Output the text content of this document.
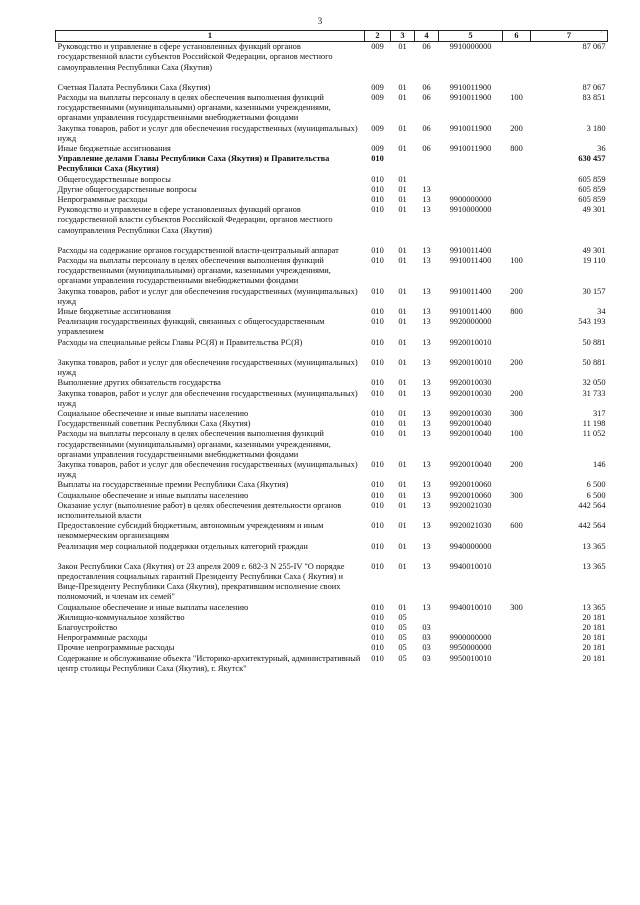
3
·
1	2	3	4	5	6	7
Руководство и управление в сфере установленных функций органов государственной власти субъектов Российской Федерации, органов местного самоуправления Республики Саха (Якутия)	009	01	06	9910000000		87 067
Счетная Палата Республики Саха (Якутия)	009	01	06	9910011900		87 067
Расходы на выплаты персоналу в целях обеспечения выполнения функций государственными (муниципальными) органами, казенными учреждениями, органами управления государственными внебюджетными фондами	009	01	06	9910011900	100	83 851
Закупка товаров, работ и услуг для обеспечения государственных (муниципальных) нужд	009	01	06	9910011900	200	3 180
Иные бюджетные ассигнования	009	01	06	9910011900	800	36
Управление делами Главы Республики Саха (Якутия) и Правительства Республики Саха (Якутия)	010					630 457
Общегосударственные вопросы	010	01				605 859
Другие общегосударственные вопросы	010	01	13			605 859
Непрограммные расходы	010	01	13	9900000000		605 859
Руководство и управление в сфере установленных функций органов государственной власти субъектов Российской Федерации, органов местного самоуправления Республики Саха (Якутия)	010	01	13	9910000000		49 301
Расходы на содержание органов государственной власти-центральный аппарат	010	01	13	9910011400		49 301
Расходы на выплаты персоналу в целях обеспечения выполнения функций государственными (муниципальными) органами, казенными учреждениями, органами управления государственными внебюджетными фондами	010	01	13	9910011400	100	19 110
Закупка товаров, работ и услуг для обеспечения государственных (муниципальных) нужд	010	01	13	9910011400	200	30 157
Иные бюджетные ассигнования	010	01	13	9910011400	800	34
Реализация государственных функций, связанных с общегосударственным управлением	010	01	13	9920000000		543 193
Расходы на специальные рейсы Главы РС(Я) и Правительства РС(Я)	010	01	13	9920010010		50 881
Закупка товаров, работ и услуг для обеспечения государственных (муниципальных) нужд	010	01	13	9920010010	200	50 881
Выполнение других обязательств государства	010	01	13	9920010030		32 050
Закупка товаров, работ и услуг для обеспечения государственных (муниципальных) нужд	010	01	13	9920010030	200	31 733
Социальное обеспечение и иные выплаты населению	010	01	13	9920010030	300	317
Государственный советник Республики Саха (Якутия)	010	01	13	9920010040		11 198
Расходы на выплаты персоналу в целях обеспечения выполнения функций государственными (муниципальными) органами, казенными учреждениями, органами управления государственными внебюджетными фондами	010	01	13	9920010040	100	11 052
Закупка товаров, работ и услуг для обеспечения государственных (муниципальных) нужд	010	01	13	9920010040	200	146
Выплаты на государственные премии Республики Саха (Якутия)	010	01	13	9920010060		6 500
Социальное обеспечение и иные выплаты населению	010	01	13	9920010060	300	6 500
Оказание услуг (выполнение работ) в целях обеспечения деятельности органов исполнительной власти	010	01	13	9920021030		442 564
Предоставление субсидий бюджетным, автономным учреждениям и иным некоммерческим организациям	010	01	13	9920021030	600	442 564
Реализация мер социальной поддержки отдельных категорий граждан	010	01	13	9940000000		13 365
Закон Республики Саха (Якутия) от 23 апреля 2009 г. 682-З N 255-IV "О порядке предоставления социальных гарантий Президенту Республики Саха ( Якутия) и Вице-Президенту Республики Саха (Якутия), прекратившим исполнение своих полномочий, и членам их семей"	010	01	13	9940010010		13 365
Социальное обеспечение и иные выплаты населению	010	01	13	9940010010	300	13 365
Жилищно-коммунальное хозяйство	010	05				20 181
Благоустройство	010	05	03			20 181
Непрограммные расходы	010	05	03	9900000000		20 181
Прочие непрограммные расходы	010	05	03	9950000000		20 181
Содержание и обслуживание объекта "Историко-архитектурный, административный центр столицы Республики Саха (Якутия), г. Якутск"	010	05	03	9950010010		20 181
